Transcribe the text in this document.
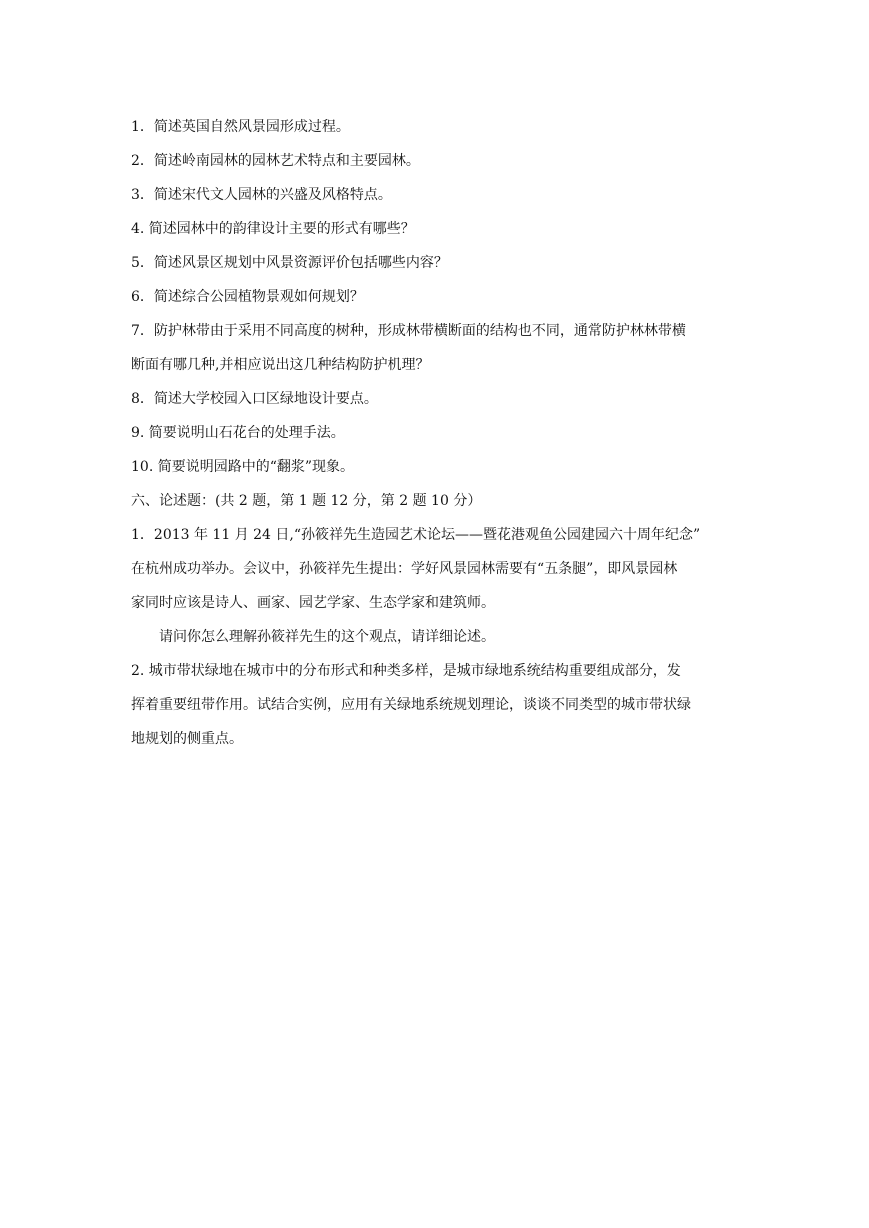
1．简述英国自然风景园形成过程。
2．简述岭南园林的园林艺术特点和主要园林。
3．简述宋代文人园林的兴盛及风格特点。
4. 简述园林中的韵律设计主要的形式有哪些？
5．简述风景区规划中风景资源评价包括哪些内容？
6．简述综合公园植物景观如何规划？
7．防护林带由于采用不同高度的树种，形成林带横断面的结构也不同，通常防护林林带横
断面有哪几种,并相应说出这几种结构防护机理？
8．简述大学校园入口区绿地设计要点。
9. 简要说明山石花台的处理手法。
10. 简要说明园路中的“翻浆”现象。
六、论述题：(共 2 题，第 1 题 12 分，第 2 题 10 分）
1．2013 年 11 月 24 日,“孙筱祥先生造园艺术论坛——暨花港观鱼公园建园六十周年纪念”
在杭州成功举办。会议中，孙筱祥先生提出：学好风景园林需要有“五条腿”，即风景园林
家同时应该是诗人、画家、园艺学家、生态学家和建筑师。
请问你怎么理解孙筱祥先生的这个观点，请详细论述。
2. 城市带状绿地在城市中的分布形式和种类多样，是城市绿地系统结构重要组成部分，发
挥着重要纽带作用。试结合实例，应用有关绿地系统规划理论，谈谈不同类型的城市带状绿
地规划的侧重点。
